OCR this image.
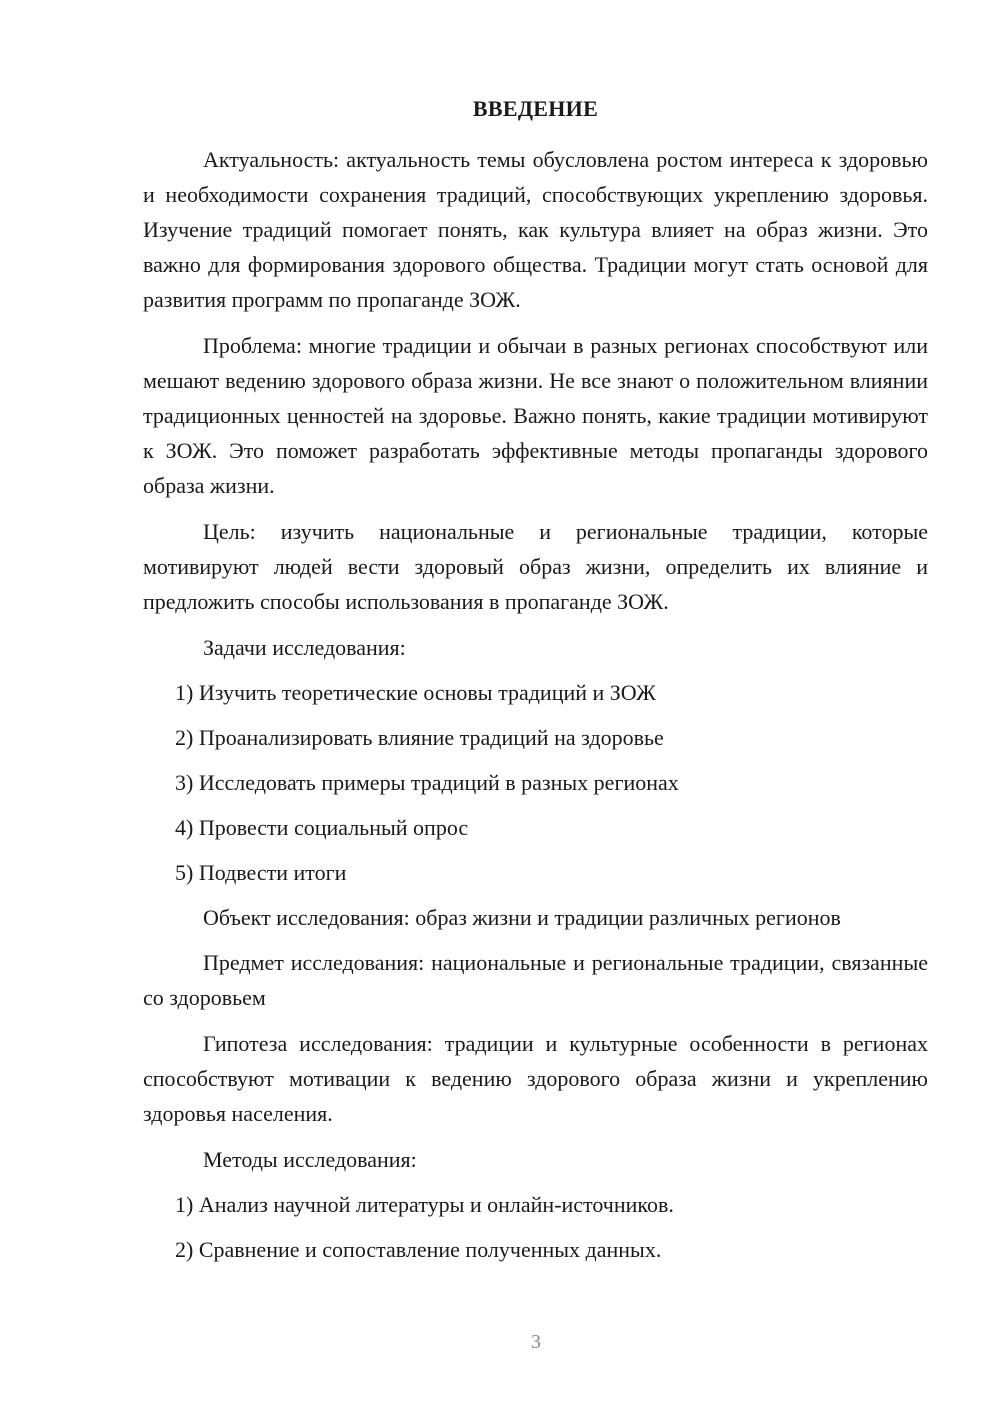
ВВЕДЕНИЕ

Актуальность: актуальность темы обусловлена ростом интереса к здоровью и необходимости сохранения традиций, способствующих укреплению здоровья. Изучение традиций помогает понять, как культура влияет на образ жизни. Это важно для формирования здорового общества. Традиции могут стать основой для развития программ по пропаганде ЗОЖ.

Проблема: многие традиции и обычаи в разных регионах способствуют или мешают ведению здорового образа жизни. Не все знают о положительном влиянии традиционных ценностей на здоровье. Важно понять, какие традиции мотивируют к ЗОЖ. Это поможет разработать эффективные методы пропаганды здорового образа жизни.

Цель: изучить национальные и региональные традиции, которые мотивируют людей вести здоровый образ жизни, определить их влияние и предложить способы использования в пропаганде ЗОЖ.

Задачи исследования:
1) Изучить теоретические основы традиций и ЗОЖ
2) Проанализировать влияние традиций на здоровье
3) Исследовать примеры традиций в разных регионах
4) Провести социальный опрос
5) Подвести итоги
Объект исследования: образ жизни и традиции различных регионов

Предмет исследования: национальные и региональные традиции, связанные со здоровьем

Гипотеза исследования: традиции и культурные особенности в регионах способствуют мотивации к ведению здорового образа жизни и укреплению здоровья населения.

Методы исследования:
1) Анализ научной литературы и онлайн-источников.
2) Сравнение и сопоставление полученных данных.
3
